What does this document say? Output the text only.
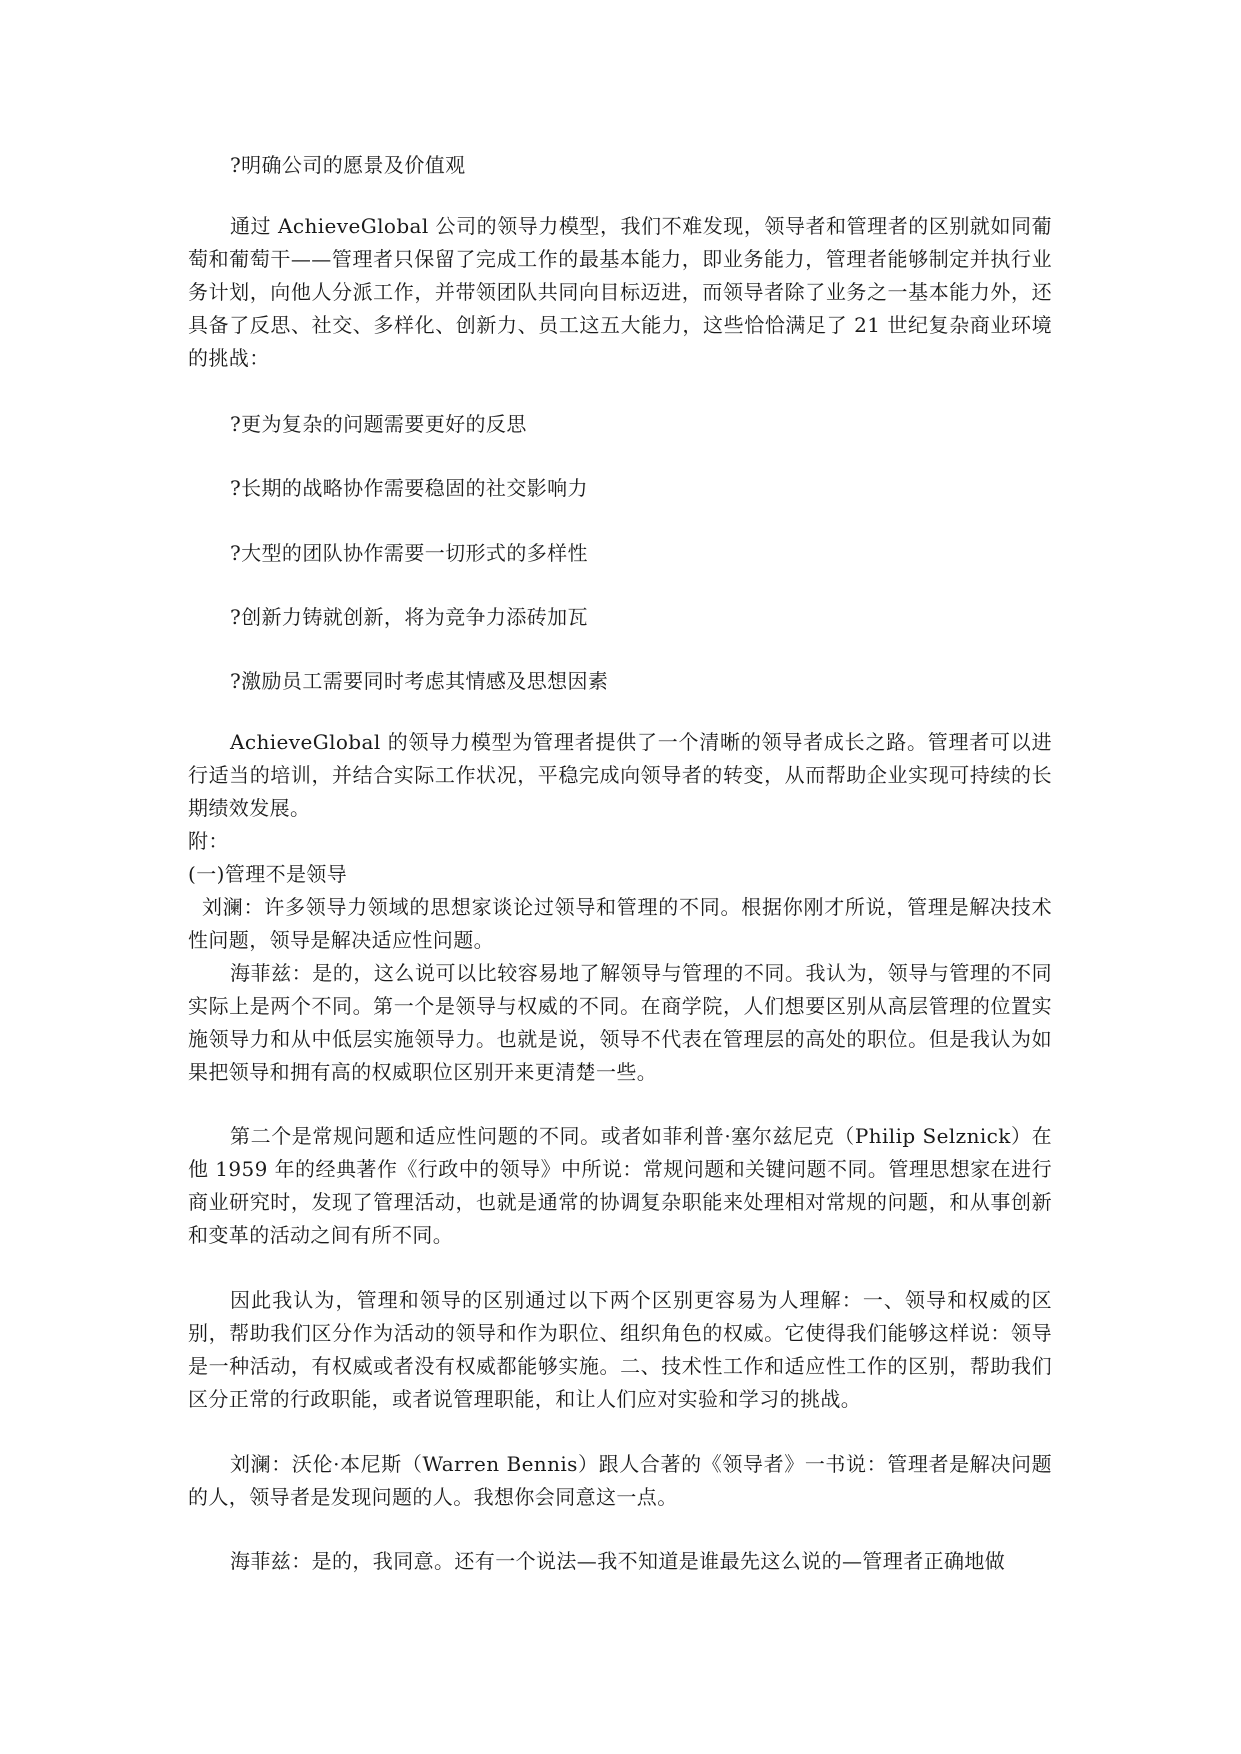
?明确公司的愿景及价值观

通过 AchieveGlobal 公司的领导力模型，我们不难发现，领导者和管理者的区别就如同葡萄和葡萄干——管理者只保留了完成工作的最基本能力，即业务能力，管理者能够制定并执行业务计划，向他人分派工作，并带领团队共同向目标迈进，而领导者除了业务之一基本能力外，还具备了反思、社交、多样化、创新力、员工这五大能力，这些恰恰满足了 21 世纪复杂商业环境的挑战：

?更为复杂的问题需要更好的反思

?长期的战略协作需要稳固的社交影响力

?大型的团队协作需要一切形式的多样性

?创新力铸就创新，将为竞争力添砖加瓦

?激励员工需要同时考虑其情感及思想因素

AchieveGlobal 的领导力模型为管理者提供了一个清晰的领导者成长之路。管理者可以进行适当的培训，并结合实际工作状况，平稳完成向领导者的转变，从而帮助企业实现可持续的长期绩效发展。

附：

(一)管理不是领导

刘澜：许多领导力领域的思想家谈论过领导和管理的不同。根据你刚才所说，管理是解决技术性问题，领导是解决适应性问题。

海菲兹：是的，这么说可以比较容易地了解领导与管理的不同。我认为，领导与管理的不同实际上是两个不同。第一个是领导与权威的不同。在商学院，人们想要区别从高层管理的位置实施领导力和从中低层实施领导力。也就是说，领导不代表在管理层的高处的职位。但是我认为如果把领导和拥有高的权威职位区别开来更清楚一些。

第二个是常规问题和适应性问题的不同。或者如菲利普·塞尔兹尼克（Philip Selznick）在他 1959 年的经典著作《行政中的领导》中所说：常规问题和关键问题不同。管理思想家在进行商业研究时，发现了管理活动，也就是通常的协调复杂职能来处理相对常规的问题，和从事创新和变革的活动之间有所不同。

因此我认为，管理和领导的区别通过以下两个区别更容易为人理解：一、领导和权威的区别，帮助我们区分作为活动的领导和作为职位、组织角色的权威。它使得我们能够这样说：领导是一种活动，有权威或者没有权威都能够实施。二、技术性工作和适应性工作的区别，帮助我们区分正常的行政职能，或者说管理职能，和让人们应对实验和学习的挑战。

刘澜：沃伦·本尼斯（Warren Bennis）跟人合著的《领导者》一书说：管理者是解决问题的人，领导者是发现问题的人。我想你会同意这一点。

海菲兹：是的，我同意。还有一个说法—我不知道是谁最先这么说的—管理者正确地做
